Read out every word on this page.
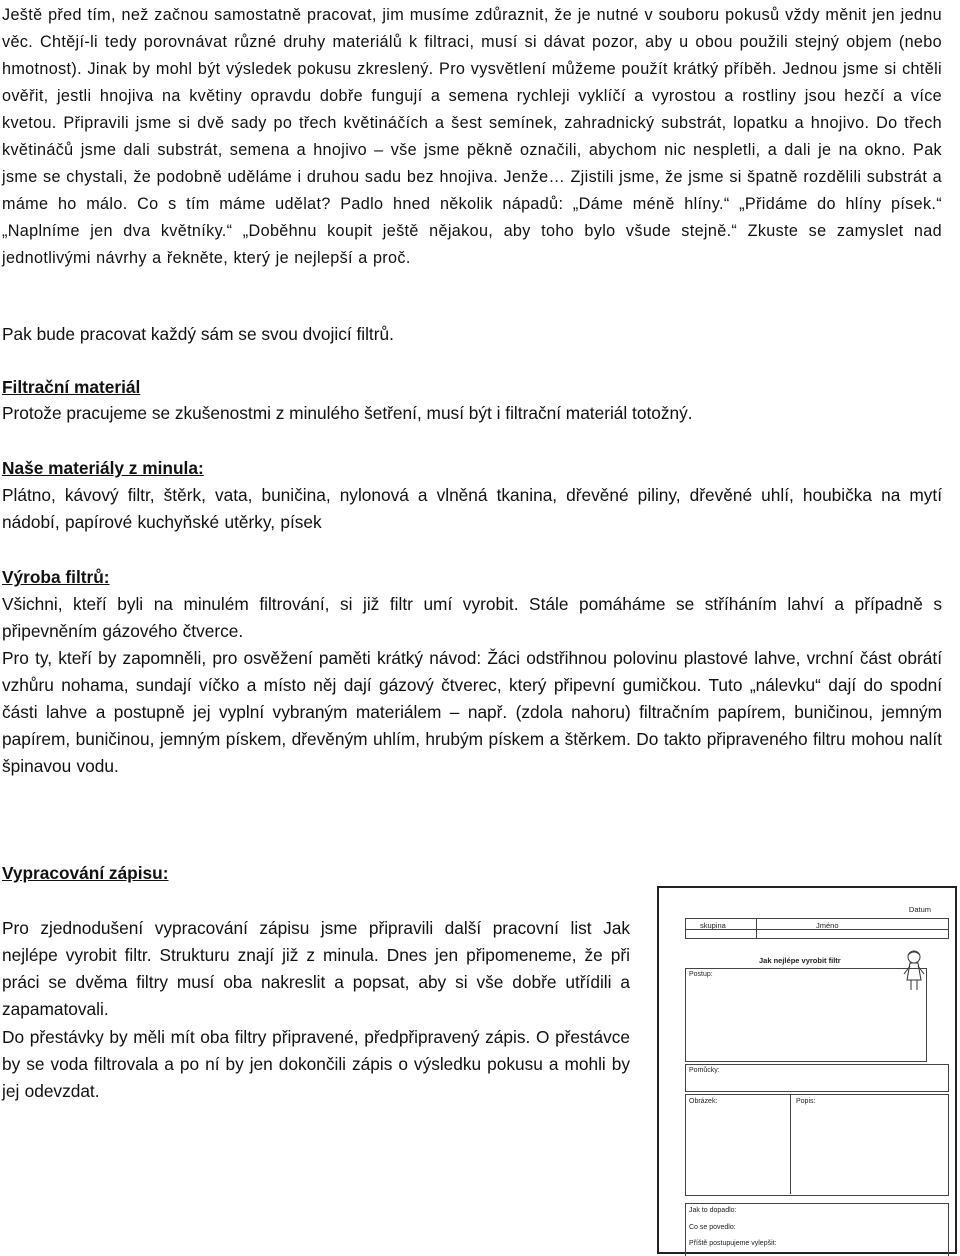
Ještě před tím, než začnou samostatně pracovat, jim musíme zdůraznit, že je nutné v souboru pokusů vždy měnit jen jednu věc. Chtějí-li tedy porovnávat různé druhy materiálů k filtraci, musí si dávat pozor, aby u obou použili stejný objem (nebo hmotnost). Jinak by mohl být výsledek pokusu zkreslený. Pro vysvětlení můžeme použít krátký příběh. Jednou jsme si chtěli ověřit, jestli hnojiva na květiny opravdu dobře fungují a semena rychleji vyklíčí a vyrostou a rostliny jsou hezčí a více kvetou. Připravili jsme si dvě sady po třech květináčích a šest semínek, zahradnický substrát, lopatku a hnojivo. Do třech květináčů jsme dali substrát, semena a hnojivo – vše jsme pěkně označili, abychom nic nespletli, a dali je na okno. Pak jsme se chystali, že podobně uděláme i druhou sadu bez hnojiva. Jenže… Zjistili jsme, že jsme si špatně rozdělili substrát a máme ho málo. Co s tím máme udělat? Padlo hned několik nápadů: „Dáme méně hlíny.“ „Přidáme do hlíny písek.“ „Naplníme jen dva květníky.“ „Doběhnu koupit ještě nějakou, aby toho bylo všude stejně.“ Zkuste se zamyslet nad jednotlivými návrhy a řekněte, který je nejlepší a proč.

Pak bude pracovat každý sám se svou dvojicí filtrů.

Filtrační materiál

Protože pracujeme se zkušenostmi z minulého šetření, musí být i filtrační materiál totožný.

Naše materiály z minula:

Plátno, kávový filtr, štěrk, vata, buničina, nylonová a vlněná tkanina, dřevěné piliny, dřevěné uhlí, houbička na mytí nádobí, papírové kuchyňské utěrky, písek

Výroba filtrů:

Všichni, kteří byli na minulém filtrování, si již filtr umí vyrobit. Stále pomáháme se stříháním lahví a případně s připevněním gázového čtverce.

Pro ty, kteří by zapomněli, pro osvěžení paměti krátký návod: Žáci odstřihnou polovinu plastové lahve, vrchní část obrátí vzhůru nohama, sundají víčko a místo něj dají gázový čtverec, který připevní gumičkou. Tuto „nálevku“ dají do spodní části lahve a postupně jej vyplní vybraným materiálem – např. (zdola nahoru) filtračním papírem, buničinou, jemným papírem, buničinou, jemným pískem, dřevěným uhlím, hrubým pískem a štěrkem. Do takto připraveného filtru mohou nalít špinavou vodu.

Vypracování zápisu:

Pro zjednodušení vypracování zápisu jsme připravili další pracovní list Jak nejlépe vyrobit filtr. Strukturu znají již z minula. Dnes jen připomeneme, že při práci se dvěma filtry musí oba nakreslit a popsat, aby si vše dobře utřídili a zapamatovali.

Do přestávky by měli mít oba filtry připravené, předpřipravený zápis. O přestávce by se voda filtrovala a po ní by jen dokončili zápis o výsledku pokusu a mohli by jej odevzdat.

Datum
skupina	Jméno
Jak nejlépe vyrobit filtr
Postup:
Pomůcky:
Obrázek:	Popis:
Jak to dopadlo:
Co se povedlo:
Příště postupujeme vylepšit:
